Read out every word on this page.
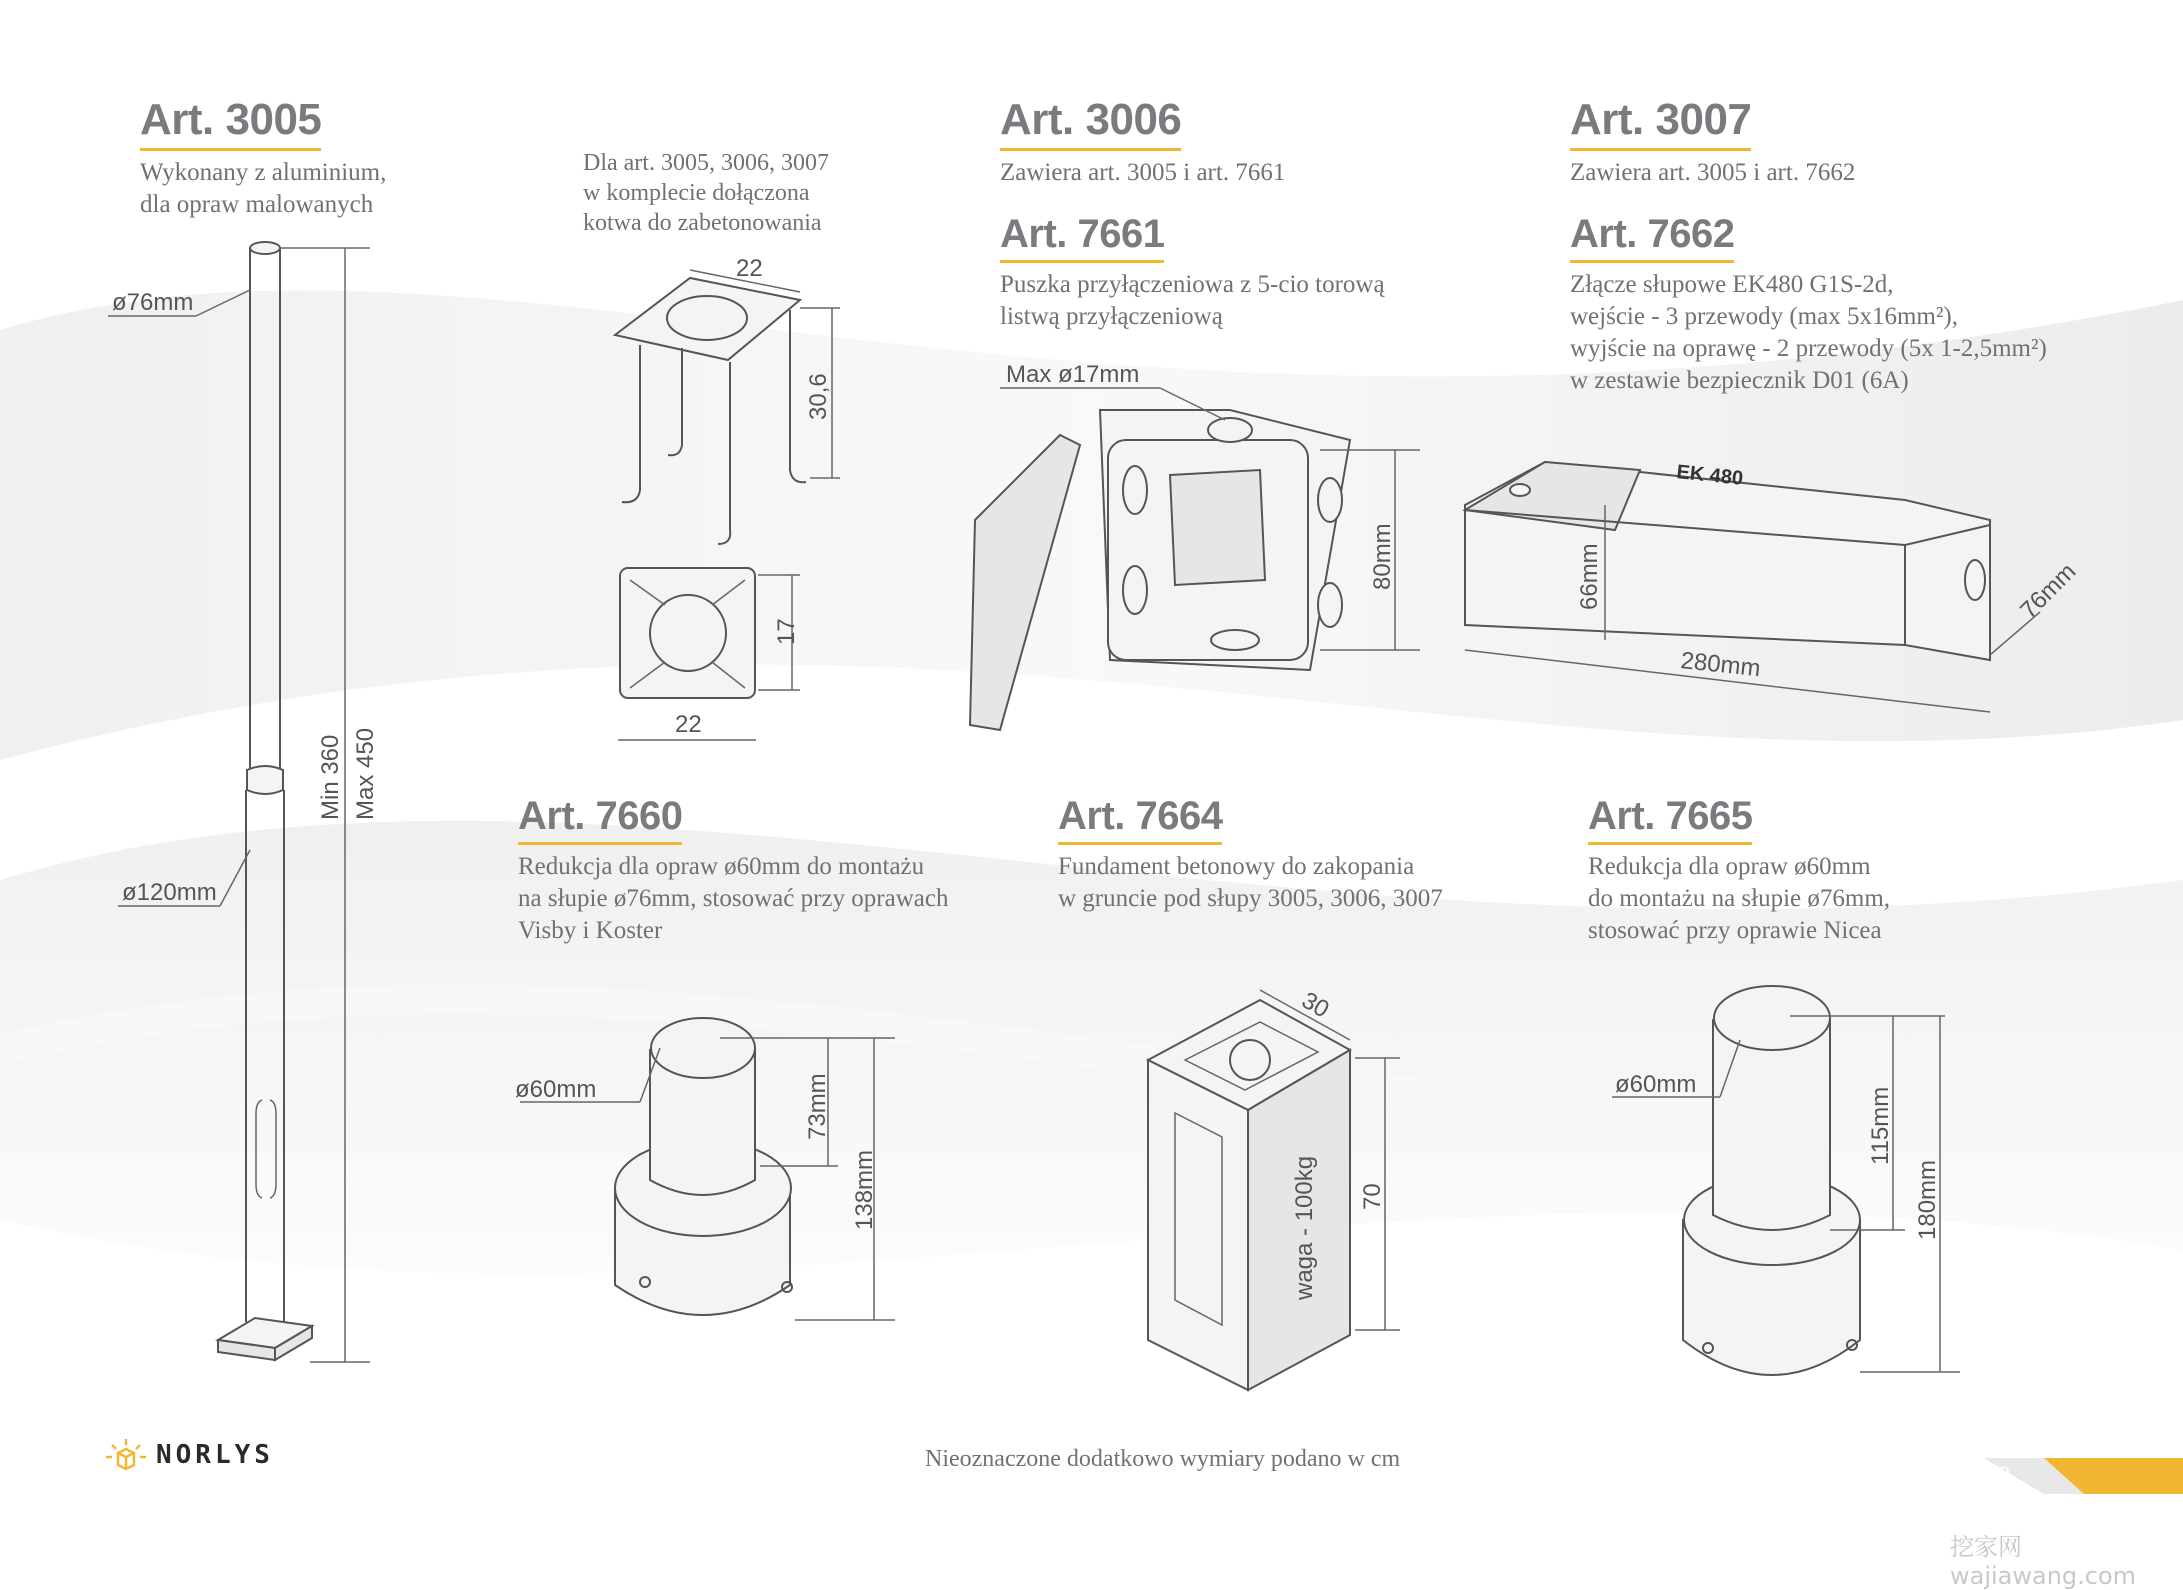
Art. 3005
Wykonany z aluminium,
dla opraw malowanych
Dla art. 3005, 3006, 3007
w komplecie dołączona
kotwa do zabetonowania
Art. 3006
Zawiera art. 3005 i art. 7661
Art. 7661
Puszka przyłączeniowa z 5-cio torową
listwą przyłączeniową
Art. 3007
Zawiera art. 3005 i art. 7662
Art. 7662
Złącze słupowe EK480 G1S-2d,
wejście - 3 przewody (max 5x16mm²),
wyjście na oprawę - 2 przewody (5x 1-2,5mm²)
w zestawie bezpiecznik D01 (6A)
Art. 7660
Redukcja dla opraw ø60mm do montażu
na słupie ø76mm, stosować przy oprawach
Visby i Koster
Art. 7664
Fundament betonowy do zakopania
w gruncie pod słupy 3005, 3006, 3007
Art. 7665
Redukcja dla opraw ø60mm
do montażu na słupie ø76mm,
stosować przy oprawie Nicea
ø76mm
ø120mm
Min 360 Max 450
22
30,6
17
22
Max ø17mm
80mm
EK 480
66mm
280mm
76mm
ø60mm	73mm
138mm
30
70
waga - 100kg
ø60mm
115mm
180mm
NORLYS	Nieoznaczone dodatkowo wymiary podano w cm
9
挖家网 wajiawang.com
